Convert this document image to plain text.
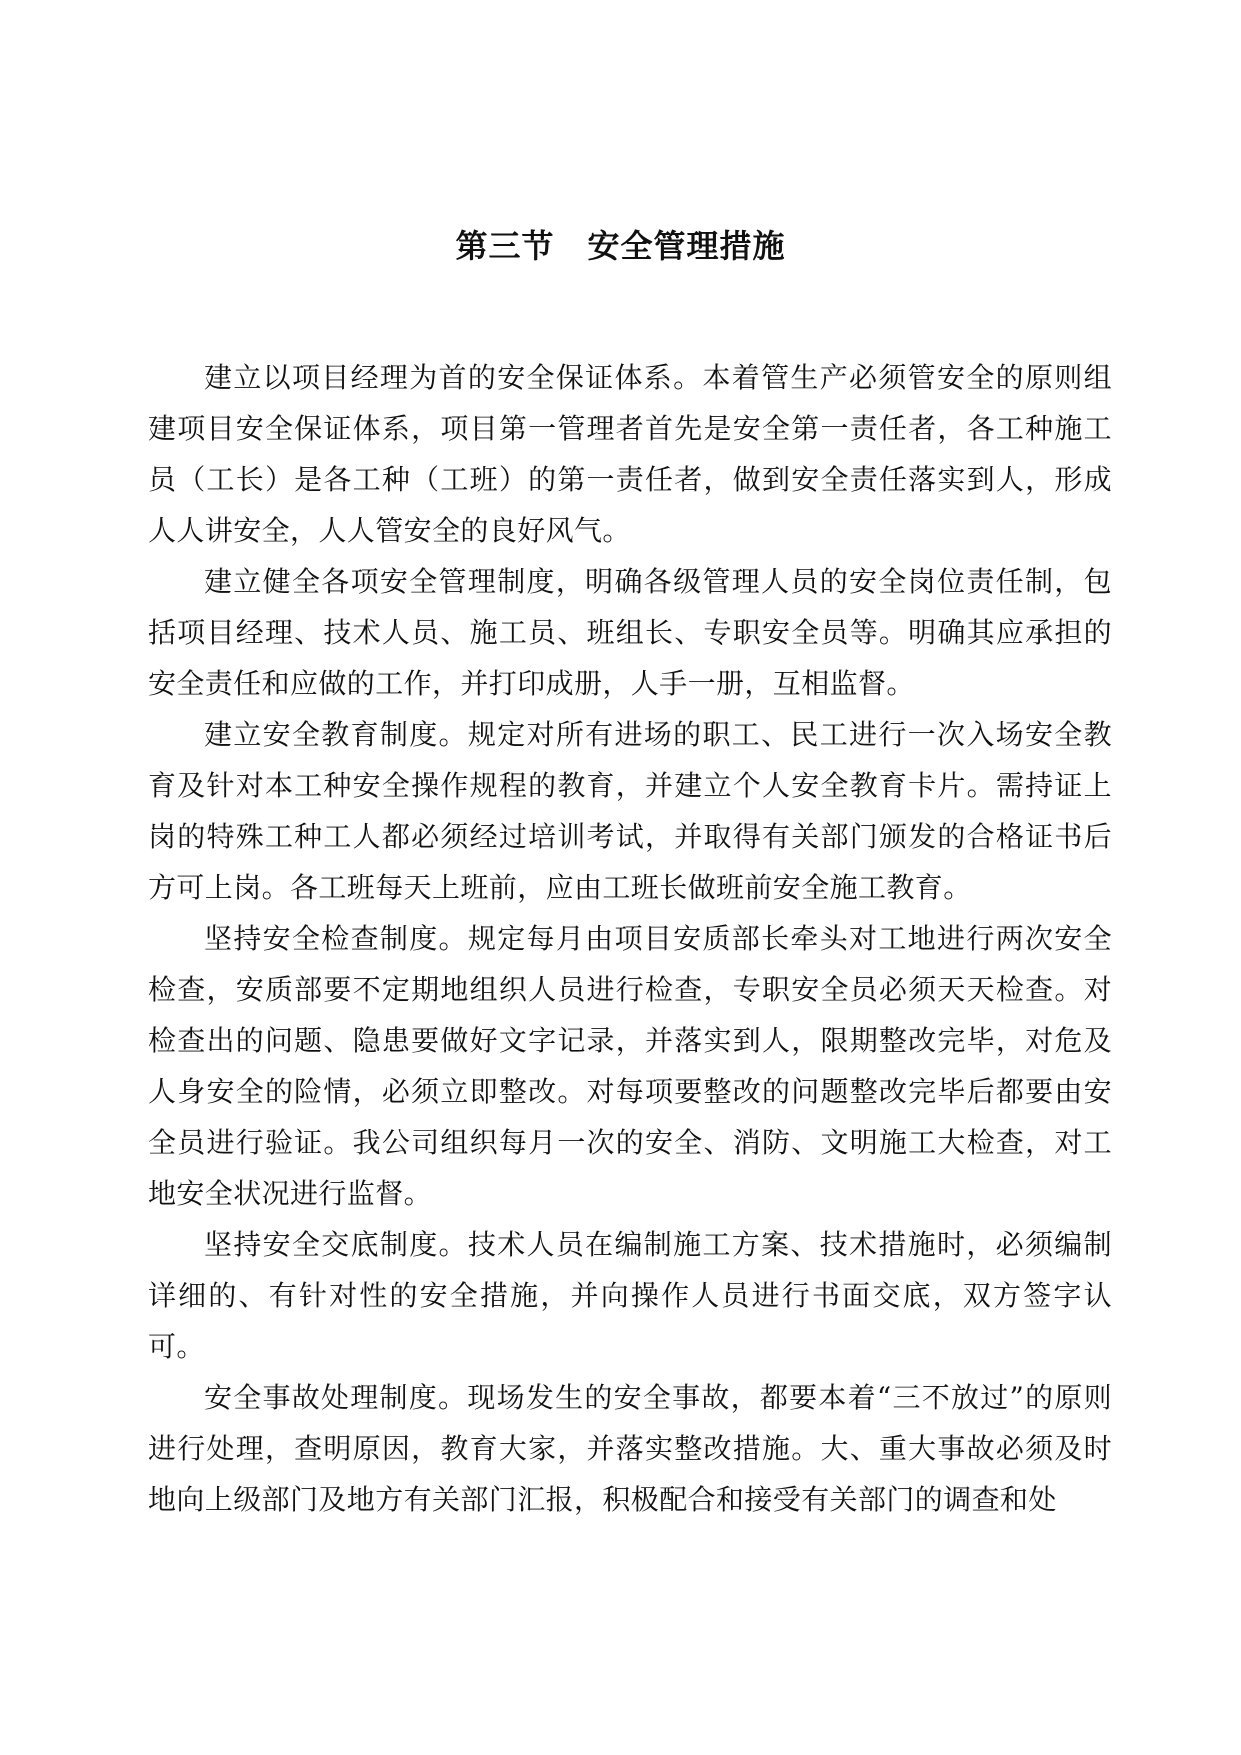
第三节　安全管理措施

建立以项目经理为首的安全保证体系。本着管生产必须管安全的原则组建项目安全保证体系，项目第一管理者首先是安全第一责任者，各工种施工员（工长）是各工种（工班）的第一责任者，做到安全责任落实到人，形成人人讲安全，人人管安全的良好风气。

建立健全各项安全管理制度，明确各级管理人员的安全岗位责任制，包括项目经理、技术人员、施工员、班组长、专职安全员等。明确其应承担的安全责任和应做的工作，并打印成册，人手一册，互相监督。

建立安全教育制度。规定对所有进场的职工、民工进行一次入场安全教育及针对本工种安全操作规程的教育，并建立个人安全教育卡片。需持证上岗的特殊工种工人都必须经过培训考试，并取得有关部门颁发的合格证书后方可上岗。各工班每天上班前，应由工班长做班前安全施工教育。

坚持安全检查制度。规定每月由项目安质部长牵头对工地进行两次安全检查，安质部要不定期地组织人员进行检查，专职安全员必须天天检查。对检查出的问题、隐患要做好文字记录，并落实到人，限期整改完毕，对危及人身安全的险情，必须立即整改。对每项要整改的问题整改完毕后都要由安全员进行验证。我公司组织每月一次的安全、消防、文明施工大检查，对工地安全状况进行监督。

坚持安全交底制度。技术人员在编制施工方案、技术措施时，必须编制详细的、有针对性的安全措施，并向操作人员进行书面交底，双方签字认可。

安全事故处理制度。现场发生的安全事故，都要本着“三不放过”的原则进行处理，查明原因，教育大家，并落实整改措施。大、重大事故必须及时地向上级部门及地方有关部门汇报，积极配合和接受有关部门的调查和处
